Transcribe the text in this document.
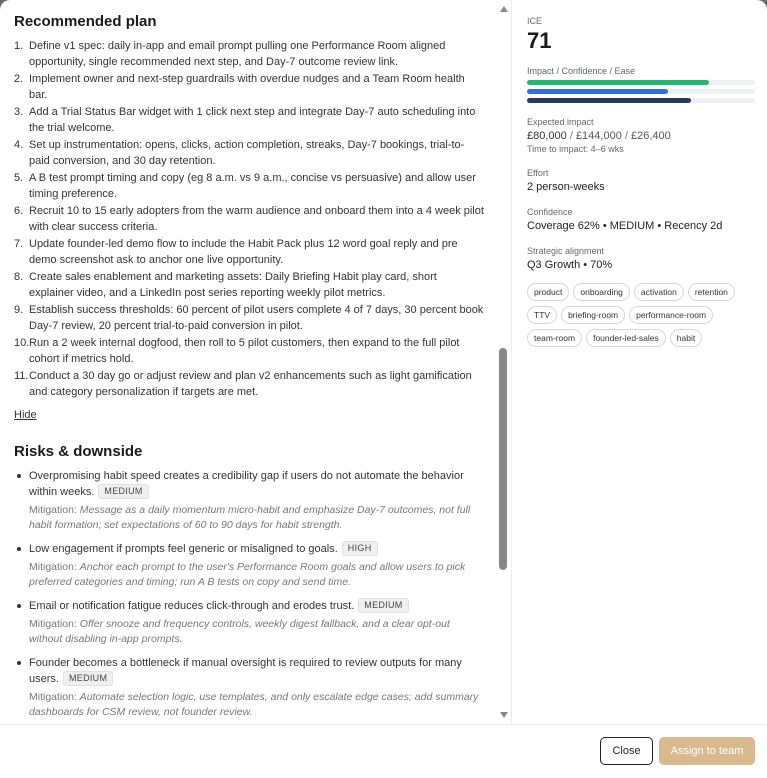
Recommended plan
1. Define v1 spec: daily in-app and email prompt pulling one Performance Room aligned opportunity, single recommended next step, and Day-7 outcome review link.
2. Implement owner and next-step guardrails with overdue nudges and a Team Room health bar.
3. Add a Trial Status Bar widget with 1 click next step and integrate Day-7 auto scheduling into the trial welcome.
4. Set up instrumentation: opens, clicks, action completion, streaks, Day-7 bookings, trial-to-paid conversion, and 30 day retention.
5. A B test prompt timing and copy (eg 8 a.m. vs 9 a.m., concise vs persuasive) and allow user timing preference.
6. Recruit 10 to 15 early adopters from the warm audience and onboard them into a 4 week pilot with clear success criteria.
7. Update founder-led demo flow to include the Habit Pack plus 12 word goal reply and pre demo screenshot ask to anchor one live opportunity.
8. Create sales enablement and marketing assets: Daily Briefing Habit play card, short explainer video, and a LinkedIn post series reporting weekly pilot metrics.
9. Establish success thresholds: 60 percent of pilot users complete 4 of 7 days, 30 percent book Day-7 review, 20 percent trial-to-paid conversion in pilot.
10. Run a 2 week internal dogfood, then roll to 5 pilot customers, then expand to the full pilot cohort if metrics hold.
11. Conduct a 30 day go or adjust review and plan v2 enhancements such as light gamification and category personalization if targets are met.
Hide
Risks & downside
Overpromising habit speed creates a credibility gap if users do not automate the behavior within weeks. MEDIUM
Mitigation: Message as a daily momentum micro-habit and emphasize Day-7 outcomes, not full habit formation; set expectations of 60 to 90 days for habit strength.
Low engagement if prompts feel generic or misaligned to goals. HIGH
Mitigation: Anchor each prompt to the user's Performance Room goals and allow users to pick preferred categories and timing; run A B tests on copy and send time.
Email or notification fatigue reduces click-through and erodes trust. MEDIUM
Mitigation: Offer snooze and frequency controls, weekly digest fallback, and a clear opt-out without disabling in-app prompts.
Founder becomes a bottleneck if manual oversight is required to review outputs for many users. MEDIUM
Mitigation: Automate selection logic, use templates, and only escalate edge cases; add summary dashboards for CSM review, not founder review.
ICE
71
Impact / Confidence / Ease
Expected impact
£80,000 / £144,000 / £26,400
Time to impact: 4–6 wks
Effort
2 person-weeks
Confidence
Coverage 62% • MEDIUM • Recency 2d
Strategic alignment
Q3 Growth • 70%
product	onboarding	activation	retention
TTV	briefing-room	performance-room
team-room	founder-led-sales	habit
Close	Assign to team
